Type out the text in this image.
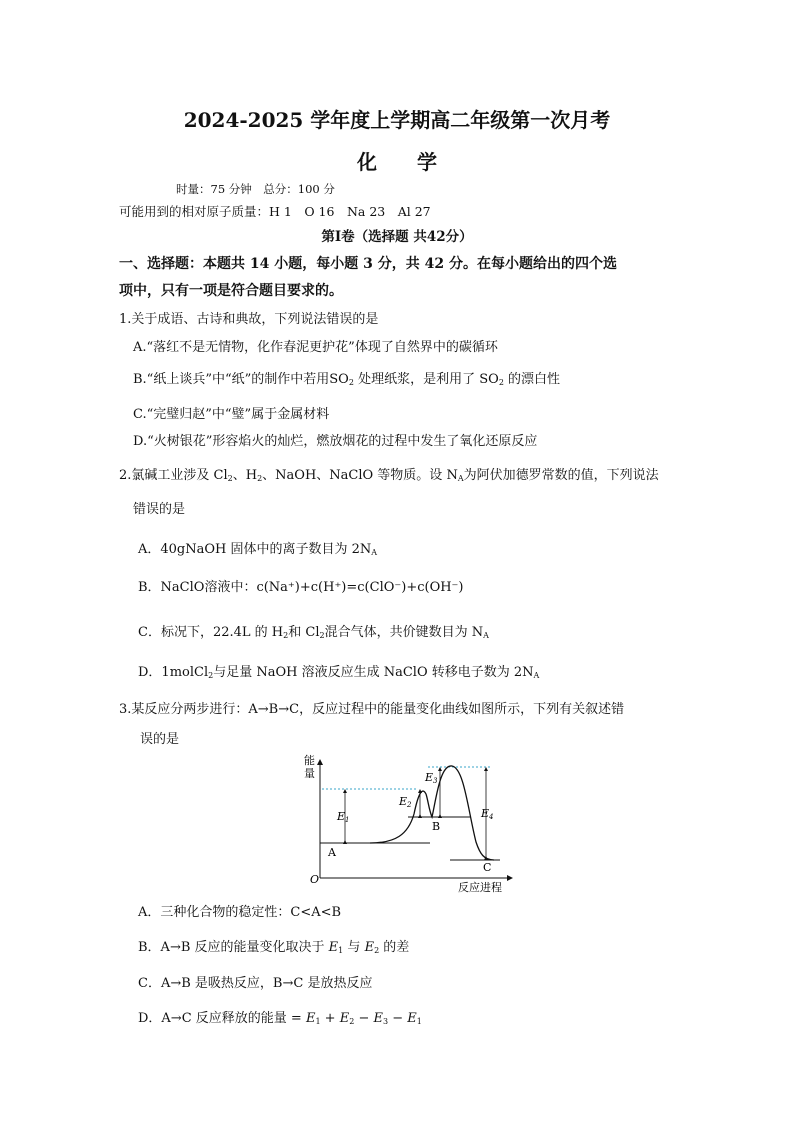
2024-2025 学年度上学期高二年级第一次月考
化学
时量：75 分钟　总分：100 分
可能用到的相对原子质量：H 1　O 16　Na 23　Al 27
第Ⅰ卷（选择题 共42分）
一、选择题：本题共 14 小题，每小题 3 分，共 42 分。在每小题给出的四个选
项中，只有一项是符合题目要求的。
1.关于成语、古诗和典故，下列说法错误的是
A.“落红不是无情物，化作春泥更护花”体现了自然界中的碳循环
B.“纸上谈兵”中“纸”的制作中若用$SO_2$ 处理纸浆，是利用了 $SO_2$ 的漂白性
C.“完璧归赵”中“璧”属于金属材料
D.“火树银花”形容焰火的灿烂，燃放烟花的过程中发生了氧化还原反应
2.氯碱工业涉及 $Cl_2$、$H_2$、NaOH、NaClO 等物质。设 $N_A$为阿伏加德罗常数的值，下列说法
错误的是
A．40gNaOH 固体中的离子数目为 $2N_A$
B．NaClO溶液中：c(Na⁺)+c(H⁺)=c(ClO⁻)+c(OH⁻)
C．标况下，22.4L 的 $H_2$和 $Cl_2$混合气体，共价键数目为 $N_A$
D．1molCl$_2$与足量 NaOH 溶液反应生成 NaClO 转移电子数为 $2N_A$
3.某反应分两步进行：A→B→C，反应过程中的能量变化曲线如图所示，下列有关叙述错
误的是
能
量
O
反应进程
E1
E2
E3
E4
A
B
C
A．三种化合物的稳定性：C<A<B
B．A→B 反应的能量变化取决于 $E_1$ 与 $E_2$ 的差
C．A→B 是吸热反应，B→C 是放热反应
D．A→C 反应释放的能量 = $E_1 + E_2 - E_3 - E_1$
